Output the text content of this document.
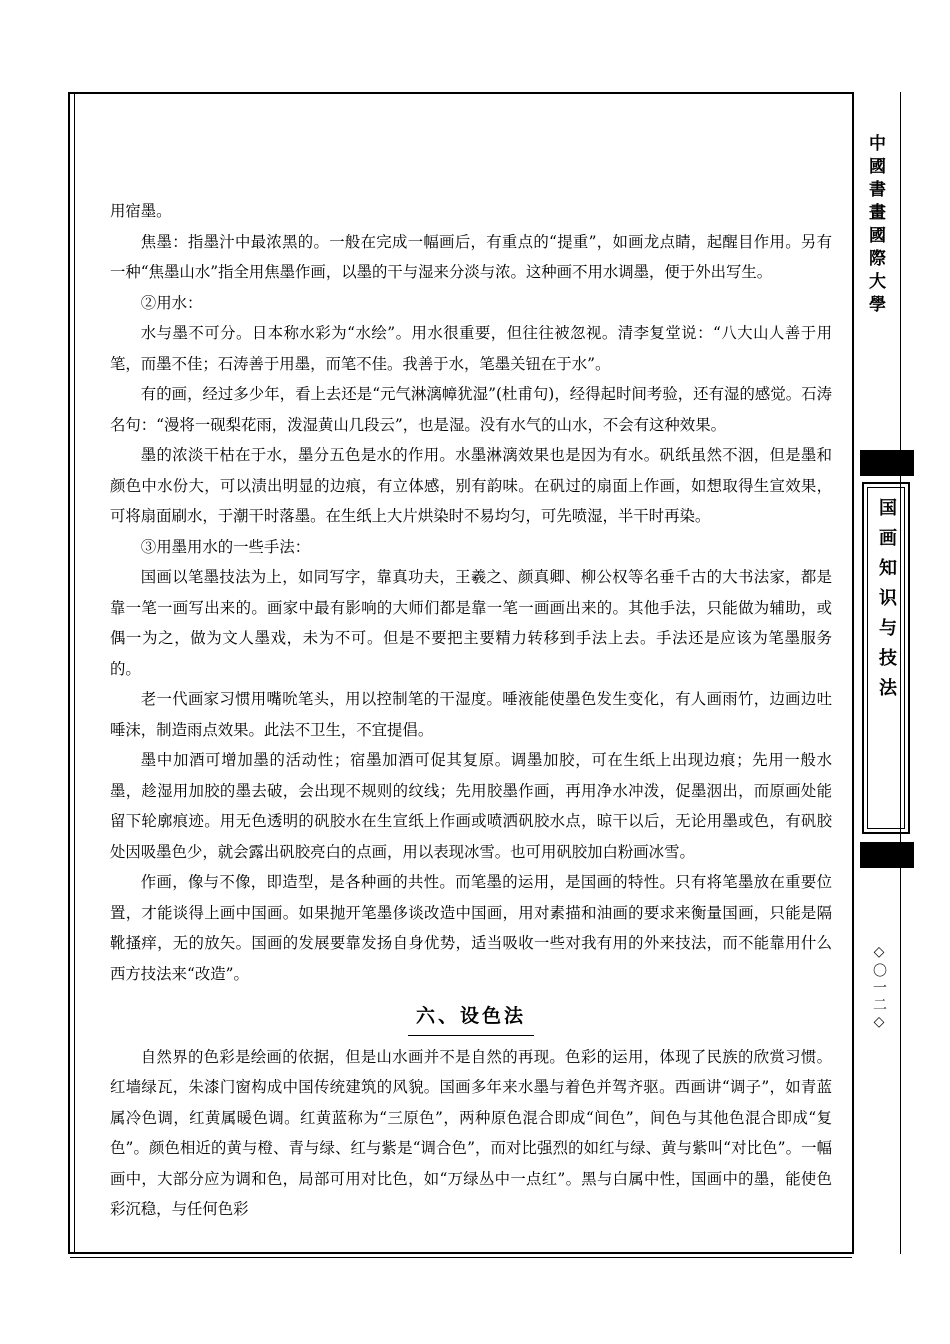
用宿墨。

焦墨：指墨汁中最浓黑的。一般在完成一幅画后，有重点的“提重”，如画龙点睛，起醒目作用。另有一种“焦墨山水”指全用焦墨作画，以墨的干与湿来分淡与浓。这种画不用水调墨，便于外出写生。

②用水：

水与墨不可分。日本称水彩为“水绘”。用水很重要，但往往被忽视。清李复堂说：“八大山人善于用笔，而墨不佳；石涛善于用墨，而笔不佳。我善于水，笔墨关钮在于水”。

有的画，经过多少年，看上去还是“元气淋漓幛犹湿”(杜甫句)，经得起时间考验，还有湿的感觉。石涛名句：“漫将一砚梨花雨，泼湿黄山几段云”，也是湿。没有水气的山水，不会有这种效果。

墨的浓淡干枯在于水，墨分五色是水的作用。水墨淋漓效果也是因为有水。矾纸虽然不洇，但是墨和颜色中水份大，可以渍出明显的边痕，有立体感，别有韵味。在矾过的扇面上作画，如想取得生宣效果，可将扇面刷水，于潮干时落墨。在生纸上大片烘染时不易均匀，可先喷湿，半干时再染。

③用墨用水的一些手法：

国画以笔墨技法为上，如同写字，靠真功夫，王羲之、颜真卿、柳公权等名垂千古的大书法家，都是靠一笔一画写出来的。画家中最有影响的大师们都是靠一笔一画画出来的。其他手法，只能做为辅助，或偶一为之，做为文人墨戏，未为不可。但是不要把主要精力转移到手法上去。手法还是应该为笔墨服务的。

老一代画家习惯用嘴吮笔头，用以控制笔的干湿度。唾液能使墨色发生变化，有人画雨竹，边画边吐唾沫，制造雨点效果。此法不卫生，不宜提倡。

墨中加酒可增加墨的活动性；宿墨加酒可促其复原。调墨加胶，可在生纸上出现边痕；先用一般水墨，趁湿用加胶的墨去破，会出现不规则的纹线；先用胶墨作画，再用净水冲泼，促墨洇出，而原画处能留下轮廓痕迹。用无色透明的矾胶水在生宣纸上作画或喷洒矾胶水点，晾干以后，无论用墨或色，有矾胶处因吸墨色少，就会露出矾胶亮白的点画，用以表现冰雪。也可用矾胶加白粉画冰雪。

作画，像与不像，即造型，是各种画的共性。而笔墨的运用，是国画的特性。只有将笔墨放在重要位置，才能谈得上画中国画。如果抛开笔墨侈谈改造中国画，用对素描和油画的要求来衡量国画，只能是隔靴搔痒，无的放矢。国画的发展要靠发扬自身优势，适当吸收一些对我有用的外来技法，而不能靠用什么西方技法来“改造”。

六、设色法

自然界的色彩是绘画的依据，但是山水画并不是自然的再现。色彩的运用，体现了民族的欣赏习惯。红墙绿瓦，朱漆门窗构成中国传统建筑的风貌。国画多年来水墨与着色并驾齐驱。西画讲“调子”，如青蓝属冷色调，红黄属暖色调。红黄蓝称为“三原色”，两种原色混合即成“间色”，间色与其他色混合即成“复色”。颜色相近的黄与橙、青与绿、红与紫是“调合色”，而对比强烈的如红与绿、黄与紫叫“对比色”。一幅画中，大部分应为调和色，局部可用对比色，如“万绿丛中一点红”。黑与白属中性，国画中的墨，能使色彩沉稳，与任何色彩

中國書畫國際大學
国画知识与技法
◇〇一二◇
